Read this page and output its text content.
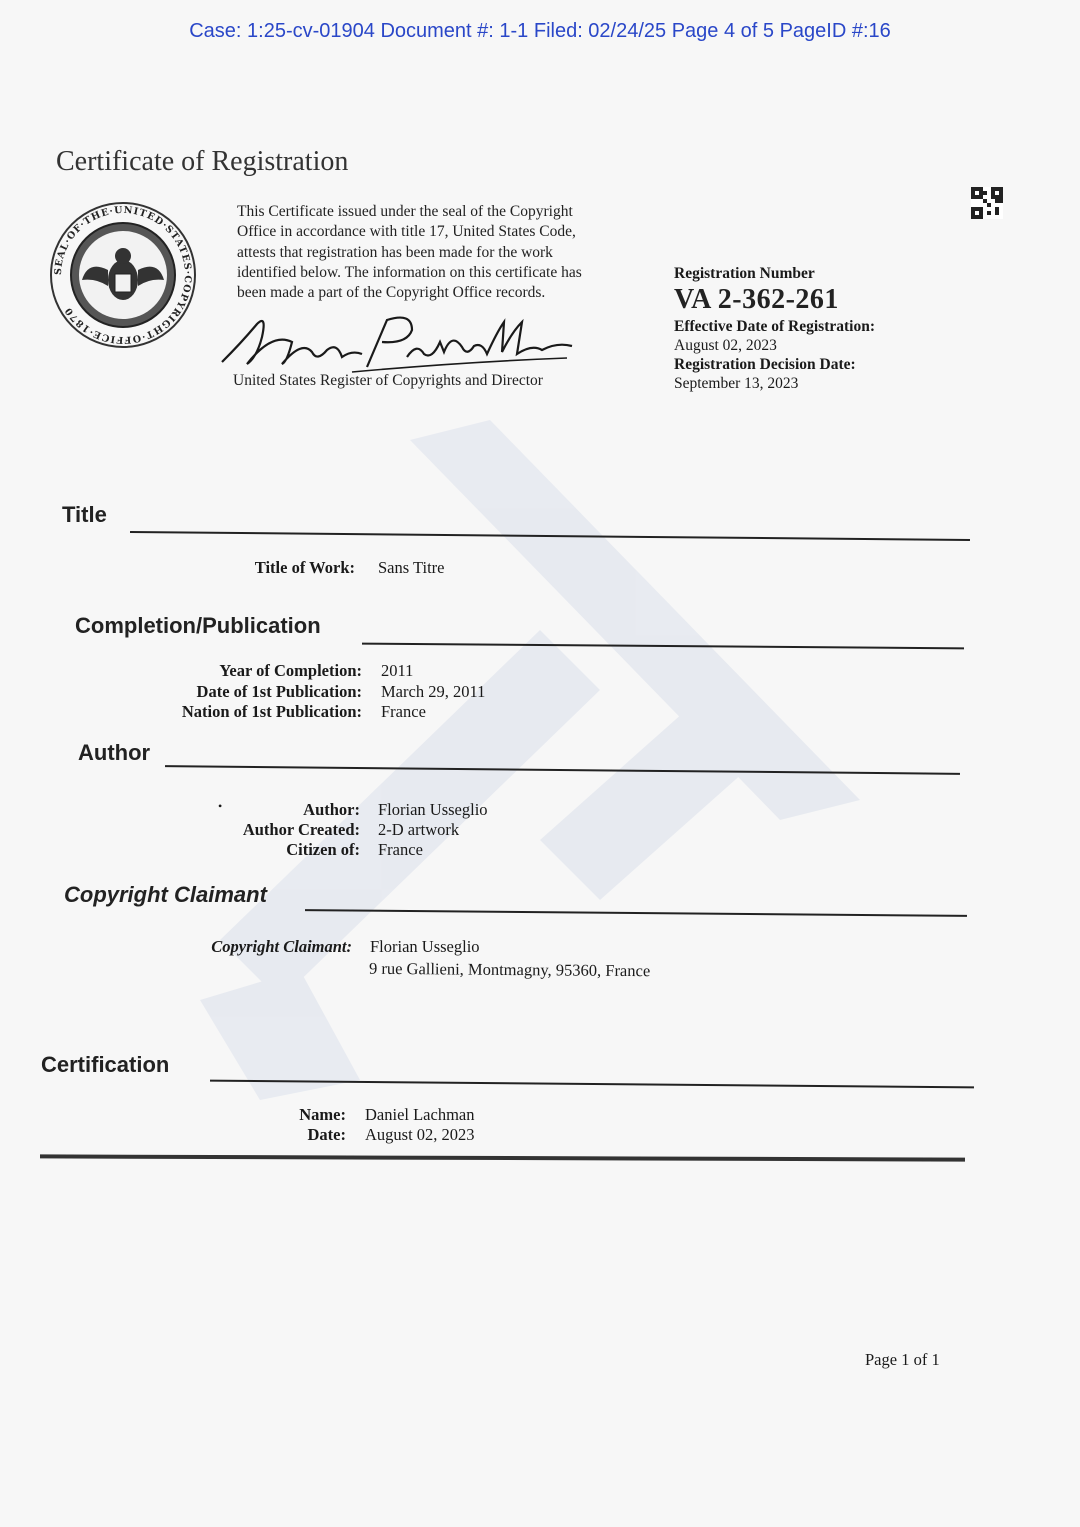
Case: 1:25-cv-01904 Document #: 1-1 Filed: 02/24/25 Page 4 of 5 PageID #:16
Certificate of Registration
SEAL·OF·THE·UNITED·STATES·COPYRIGHT·OFFICE·1870
This Certificate issued under the seal of the Copyright
Office in accordance with title 17, United States Code,
attests that registration has been made for the work
identified below. The information on this certificate has
been made a part of the Copyright Office records.
Shira Perlmutter
United States Register of Copyrights and Director
Registration Number
VA 2-362-261
Effective Date of Registration:
August 02, 2023
Registration Decision Date:
September 13, 2023
Title
Title of Work: Sans Titre
Completion/Publication
Year of Completion: 2011
Date of 1st Publication: March 29, 2011
Nation of 1st Publication: France
Author
•	Author: Florian Usseglio
Author Created: 2-D artwork
Citizen of: France
Copyright Claimant
Copyright Claimant: Florian Usseglio
9 rue Gallieni, Montmagny, 95360, France
Certification
Name: Daniel Lachman
Date: August 02, 2023
Page 1 of 1
